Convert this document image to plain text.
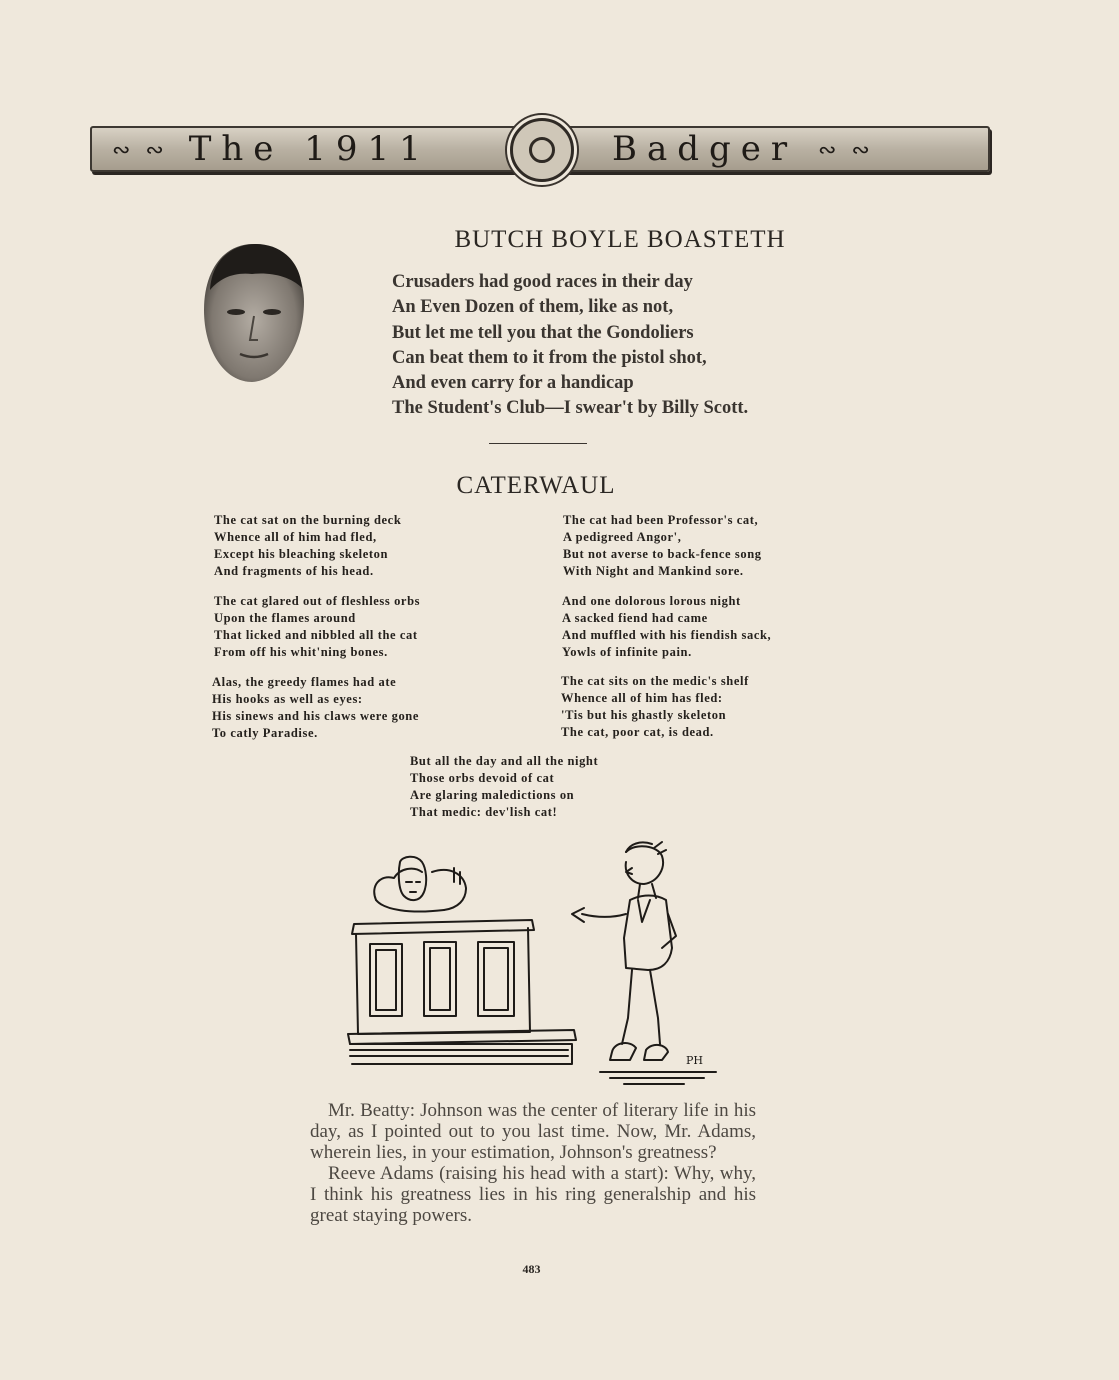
∾ ∾ The 1911	Badger ∾ ∾
BUTCH BOYLE BOASTETH
Crusaders had good races in their day
An Even Dozen of them, like as not,
But let me tell you that the Gondoliers
Can beat them to it from the pistol shot,
And even carry for a handicap
The Student's Club—I swear't by Billy Scott.
CATERWAUL
The cat sat on the burning deck
Whence all of him had fled,
Except his bleaching skeleton
And fragments of his head.
The cat glared out of fleshless orbs
Upon the flames around
That licked and nibbled all the cat
From off his whit'ning bones.
Alas, the greedy flames had ate
His hooks as well as eyes:
His sinews and his claws were gone
To catly Paradise.
The cat had been Professor's cat,
A pedigreed Angor',
But not averse to back-fence song
With Night and Mankind sore.
And one dolorous lorous night
A sacked fiend had came
And muffled with his fiendish sack,
Yowls of infinite pain.
The cat sits on the medic's shelf
Whence all of him has fled:
'Tis but his ghastly skeleton
The cat, poor cat, is dead.
But all the day and all the night
Those orbs devoid of cat
Are glaring maledictions on
That medic: dev'lish cat!
PH

Mr. Beatty: Johnson was the center of literary life in his day, as I pointed out to you last time. Now, Mr. Adams, wherein lies, in your estimation, Johnson's greatness?

Reeve Adams (raising his head with a start): Why, why, I think his greatness lies in his ring generalship and his great staying powers.

483
